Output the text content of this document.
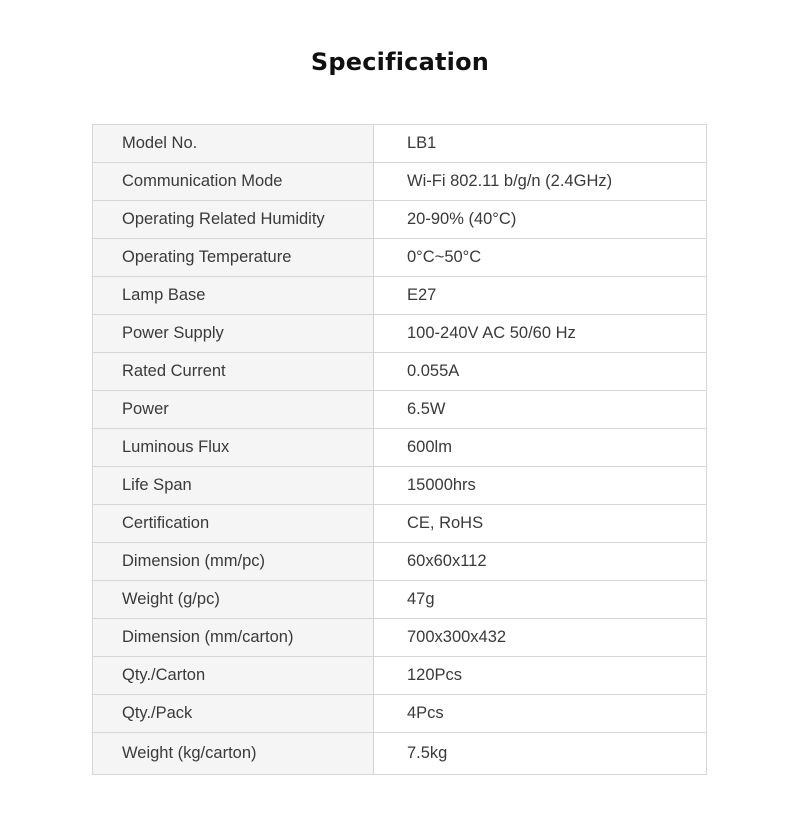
Specification
Model No.	LB1
Communication Mode	Wi-Fi 802.11 b/g/n (2.4GHz)
Operating Related Humidity	20-90% (40°C)
Operating Temperature	0°C~50°C
Lamp Base	E27
Power Supply	100-240V AC 50/60 Hz
Rated Current	0.055A
Power	6.5W
Luminous Flux	600lm
Life Span	15000hrs
Certification	CE, RoHS
Dimension (mm/pc)	60x60x112
Weight (g/pc)	47g
Dimension (mm/carton)	700x300x432
Qty./Carton	120Pcs
Qty./Pack	4Pcs
Weight (kg/carton)	7.5kg
